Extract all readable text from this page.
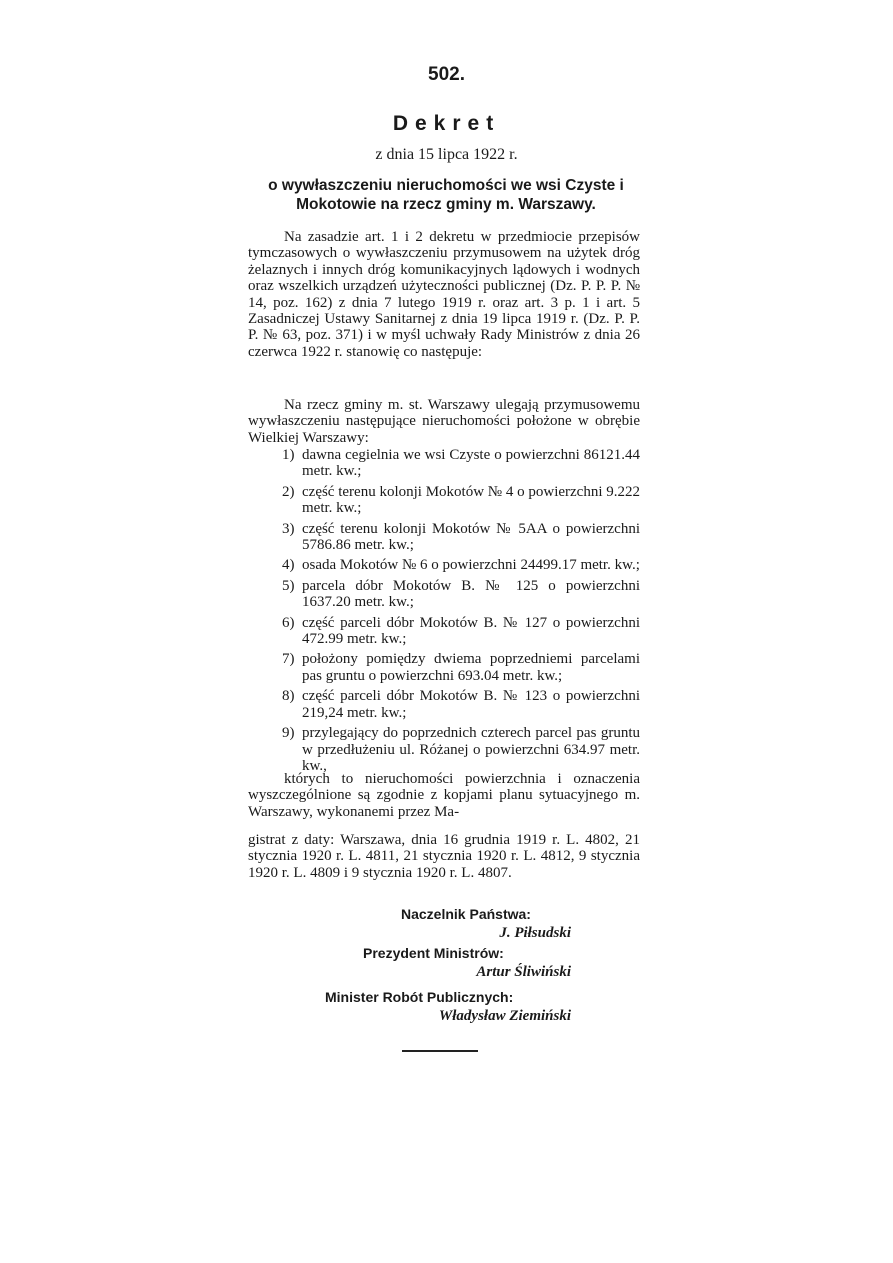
502.
Dekret
z dnia 15 lipca 1922 r.
o wywłaszczeniu nieruchomości we wsi Czyste i Mokotowie na rzecz gminy m. Warszawy.
Na zasadzie art. 1 i 2 dekretu w przedmiocie przepisów tymczasowych o wywłaszczeniu przymusowem na użytek dróg żelaznych i innych dróg komunikacyjnych lądowych i wodnych oraz wszelkich urządzeń użyteczności publicznej (Dz. P. P. P. № 14, poz. 162) z dnia 7 lutego 1919 r. oraz art. 3 p. 1 i art. 5 Zasadniczej Ustawy Sanitarnej z dnia 19 lipca 1919 r. (Dz. P. P. P. № 63, poz. 371) i w myśl uchwały Rady Ministrów z dnia 26 czerwca 1922 r. stanowię co następuje:
Na rzecz gminy m. st. Warszawy ulegają przymusowemu wywłaszczeniu następujące nieruchomości położone w obrębie Wielkiej Warszawy:
1) dawna cegielnia we wsi Czyste o powierzchni 86121.44 metr. kw.;
2) część terenu kolonji Mokotów № 4 o powierzchni 9.222 metr. kw.;
3) część terenu kolonji Mokotów № 5AA o powierzchni 5786.86 metr. kw.;
4) osada Mokotów № 6 o powierzchni 24499.17 metr. kw.;
5) parcela dóbr Mokotów B. № 125 o powierzchni 1637.20 metr. kw.;
6) część parceli dóbr Mokotów B. № 127 o powierzchni 472.99 metr. kw.;
7) położony pomiędzy dwiema poprzedniemi parcelami pas gruntu o powierzchni 693.04 metr. kw.;
8) część parceli dóbr Mokotów B. № 123 o powierzchni 219,24 metr. kw.;
9) przylegający do poprzednich czterech parcel pas gruntu w przedłużeniu ul. Różanej o powierzchni 634.97 metr. kw.,
których to nieruchomości powierzchnia i oznaczenia wyszczególnione są zgodnie z kopjami planu sytuacyjnego m. Warszawy, wykonanemi przez Ma-
gistrat z daty: Warszawa, dnia 16 grudnia 1919 r. L. 4802, 21 stycznia 1920 r. L. 4811, 21 stycznia 1920 r. L. 4812, 9 stycznia 1920 r. L. 4809 i 9 stycznia 1920 r. L. 4807.
Naczelnik Państwa:
J. Piłsudski
Prezydent Ministrów:
Artur Śliwiński
Minister Robót Publicznych:
Władysław Ziemiński
